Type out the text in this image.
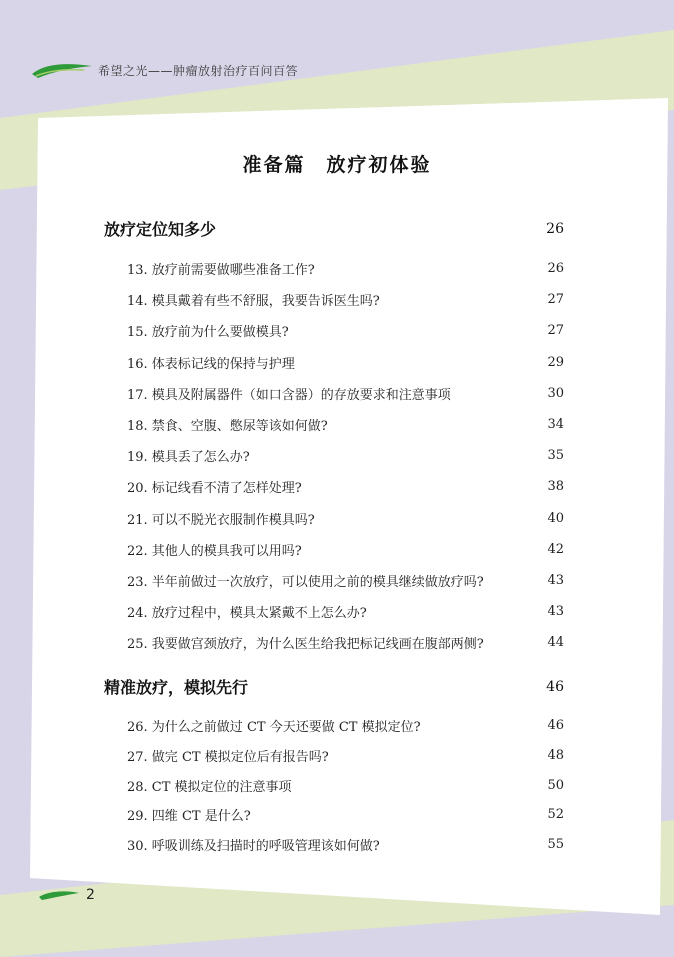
希望之光——肿瘤放射治疗百问百答
准备篇　放疗初体验
放疗定位知多少	26
13. 放疗前需要做哪些准备工作?	26
14. 模具戴着有些不舒服，我要告诉医生吗?	27
15. 放疗前为什么要做模具?	27
16. 体表标记线的保持与护理	29
17. 模具及附属器件（如口含器）的存放要求和注意事项	30
18. 禁食、空腹、憋尿等该如何做?	34
19. 模具丢了怎么办?	35
20. 标记线看不清了怎样处理?	38
21. 可以不脱光衣服制作模具吗?	40
22. 其他人的模具我可以用吗?	42
23. 半年前做过一次放疗，可以使用之前的模具继续做放疗吗?	43
24. 放疗过程中，模具太紧戴不上怎么办?	43
25. 我要做宫颈放疗，为什么医生给我把标记线画在腹部两侧?	44
精准放疗，模拟先行	46
26. 为什么之前做过 CT 今天还要做 CT 模拟定位?	46
27. 做完 CT 模拟定位后有报告吗?	48
28. CT 模拟定位的注意事项	50
29. 四维 CT 是什么?	52
30. 呼吸训练及扫描时的呼吸管理该如何做?	55
2
